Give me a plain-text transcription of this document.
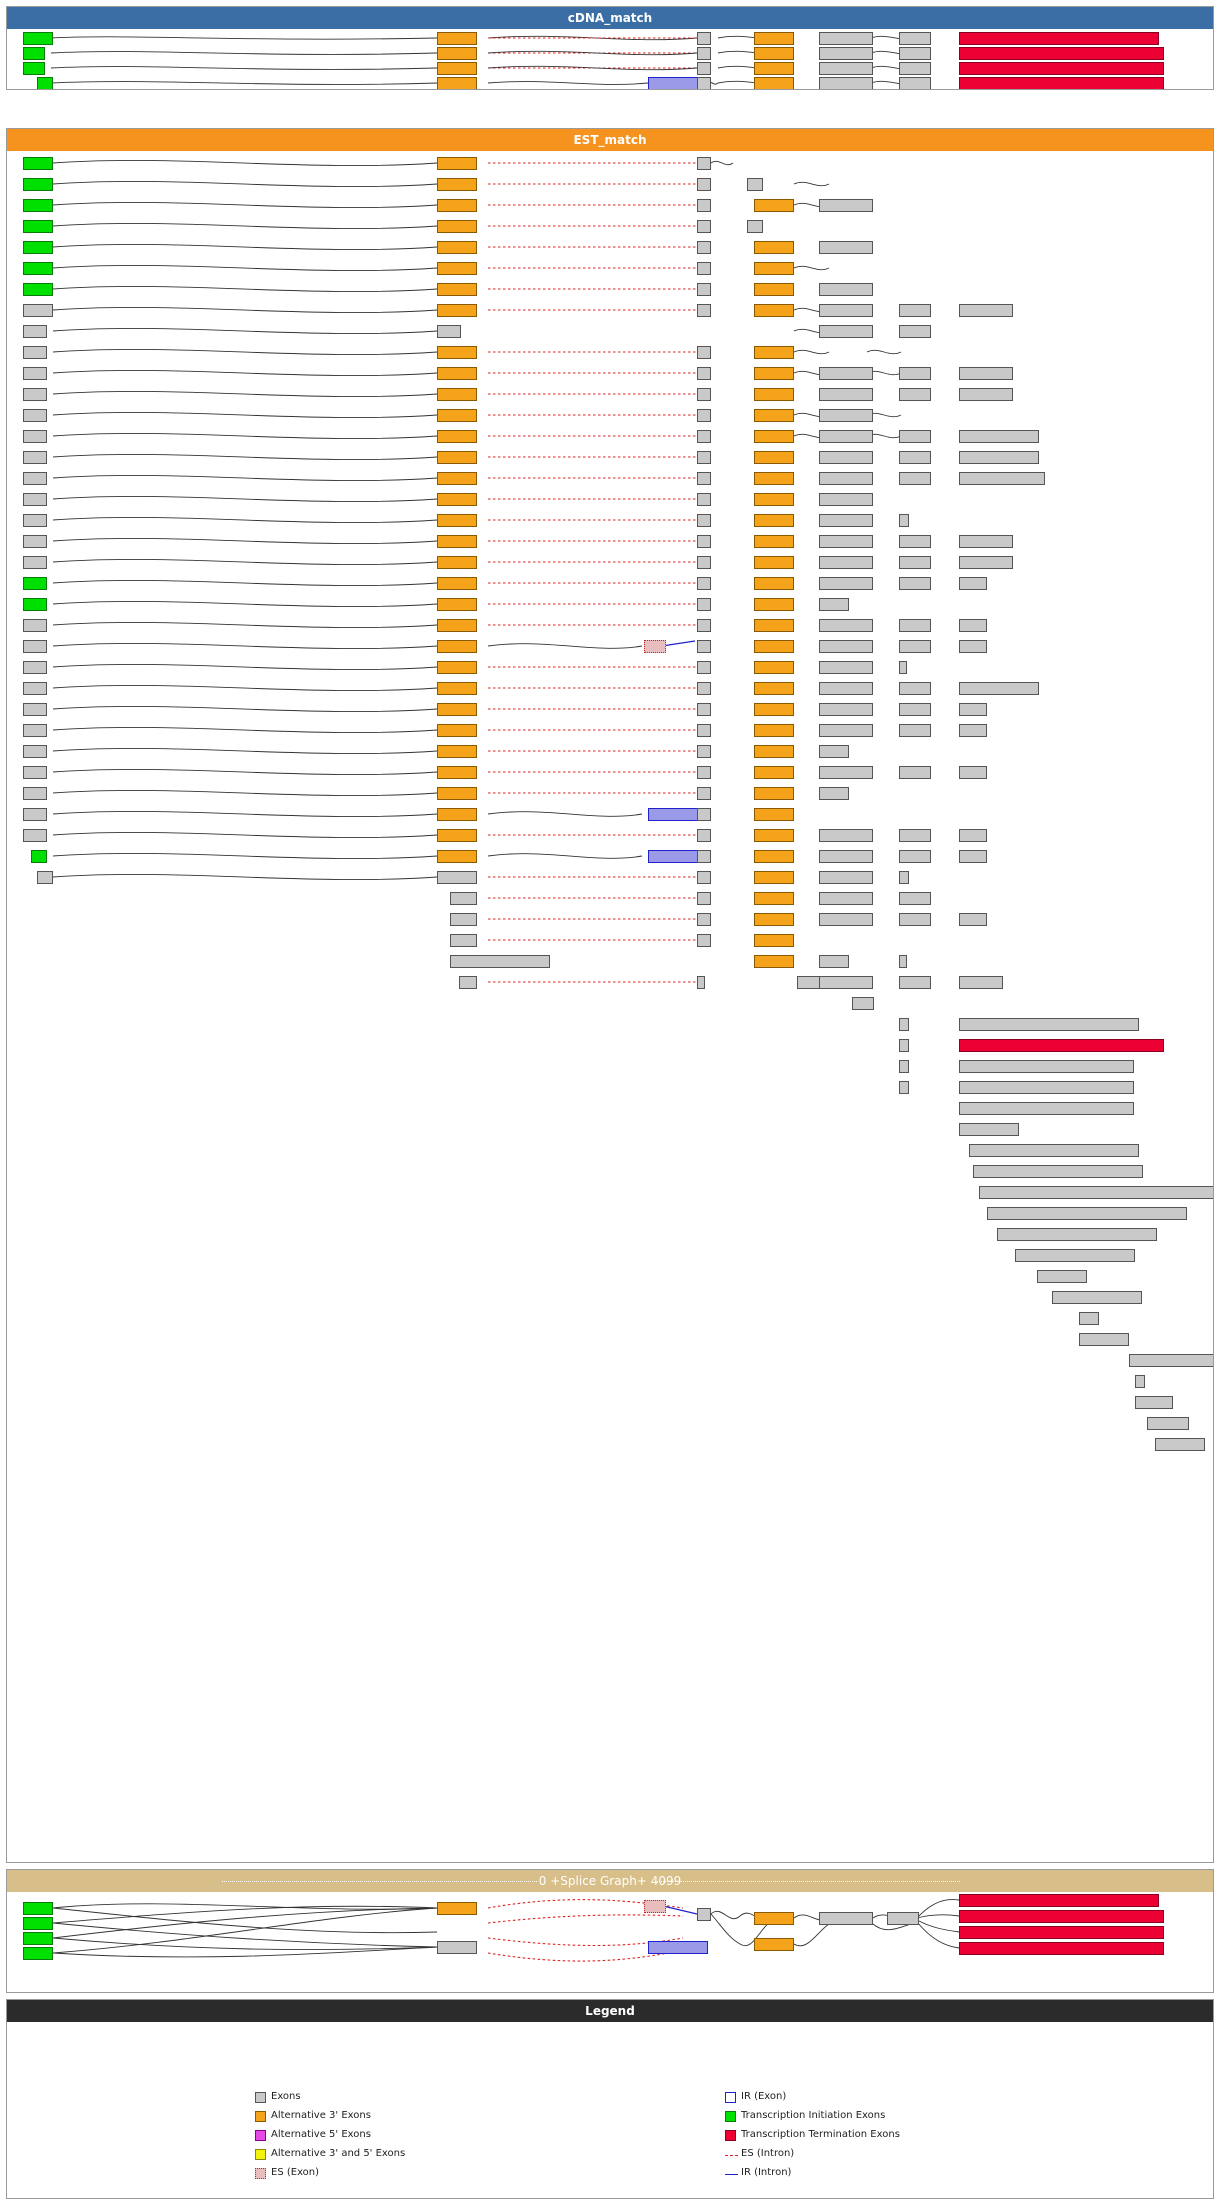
cDNA_match
EST_match
0 +Splice Graph+ 4099
Legend
Exons
Alternative 3' Exons
Alternative 5' Exons
Alternative 3' and 5' Exons
ES (Exon)
IR (Exon)
Transcription Initiation Exons
Transcription Termination Exons
ES (Intron)
IR (Intron)
